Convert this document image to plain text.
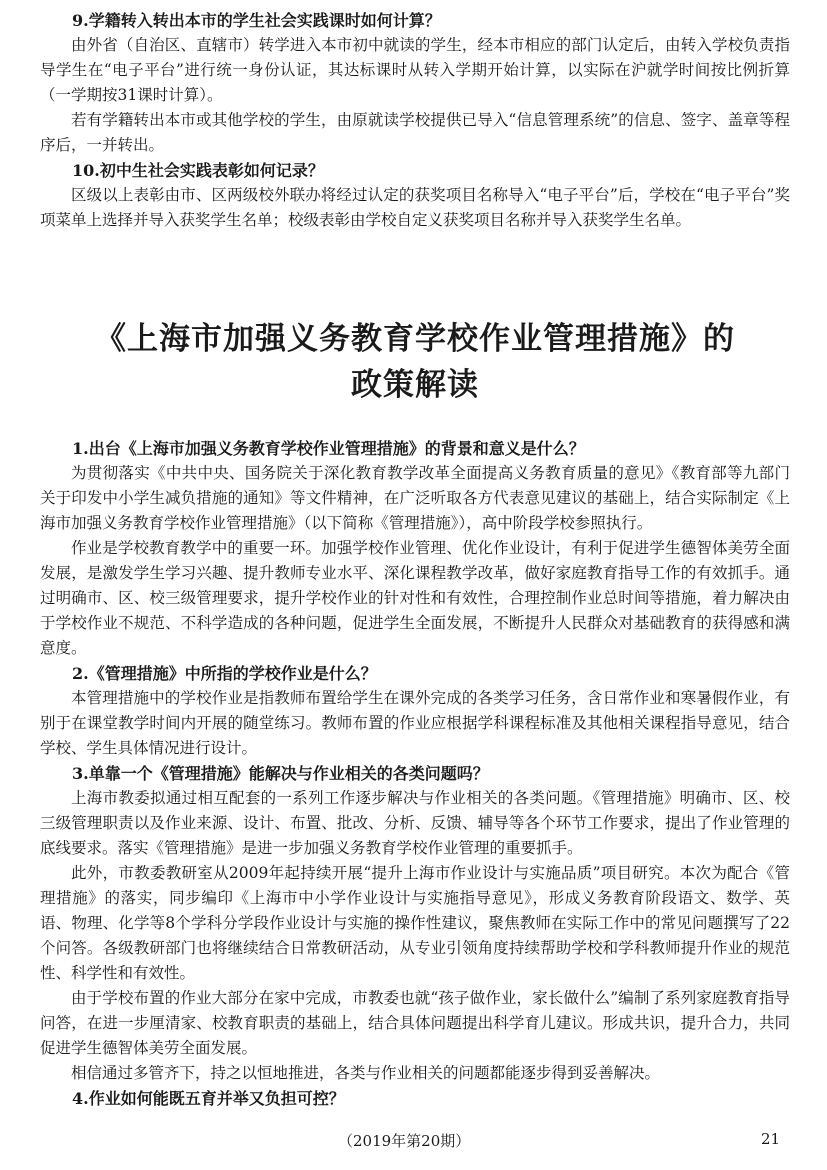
9.学籍转入转出本市的学生社会实践课时如何计算？

由外省（自治区、直辖市）转学进入本市初中就读的学生，经本市相应的部门认定后，由转入学校负责指导学生在“电子平台”进行统一身份认证，其达标课时从转入学期开始计算，以实际在沪就学时间按比例折算（一学期按31课时计算）。

若有学籍转出本市或其他学校的学生，由原就读学校提供已导入“信息管理系统”的信息、签字、盖章等程序后，一并转出。

10.初中生社会实践表彰如何记录？

区级以上表彰由市、区两级校外联办将经过认定的获奖项目名称导入“电子平台”后，学校在“电子平台”奖项菜单上选择并导入获奖学生名单；校级表彰由学校自定义获奖项目名称并导入获奖学生名单。

《上海市加强义务教育学校作业管理措施》的
政策解读
1.出台《上海市加强义务教育学校作业管理措施》的背景和意义是什么？

为贯彻落实《中共中央、国务院关于深化教育教学改革全面提高义务教育质量的意见》《教育部等九部门关于印发中小学生减负措施的通知》等文件精神，在广泛听取各方代表意见建议的基础上，结合实际制定《上海市加强义务教育学校作业管理措施》（以下简称《管理措施》），高中阶段学校参照执行。

作业是学校教育教学中的重要一环。加强学校作业管理、优化作业设计，有利于促进学生德智体美劳全面发展，是激发学生学习兴趣、提升教师专业水平、深化课程教学改革，做好家庭教育指导工作的有效抓手。通过明确市、区、校三级管理要求，提升学校作业的针对性和有效性，合理控制作业总时间等措施，着力解决由于学校作业不规范、不科学造成的各种问题，促进学生全面发展，不断提升人民群众对基础教育的获得感和满意度。

2.《管理措施》中所指的学校作业是什么？

本管理措施中的学校作业是指教师布置给学生在课外完成的各类学习任务，含日常作业和寒暑假作业，有别于在课堂教学时间内开展的随堂练习。教师布置的作业应根据学科课程标准及其他相关课程指导意见，结合学校、学生具体情况进行设计。

3.单靠一个《管理措施》能解决与作业相关的各类问题吗？

上海市教委拟通过相互配套的一系列工作逐步解决与作业相关的各类问题。《管理措施》明确市、区、校三级管理职责以及作业来源、设计、布置、批改、分析、反馈、辅导等各个环节工作要求，提出了作业管理的底线要求。落实《管理措施》是进一步加强义务教育学校作业管理的重要抓手。

此外，市教委教研室从2009年起持续开展“提升上海市作业设计与实施品质”项目研究。本次为配合《管理措施》的落实，同步编印《上海市中小学作业设计与实施指导意见》，形成义务教育阶段语文、数学、英语、物理、化学等8个学科分学段作业设计与实施的操作性建议，聚焦教师在实际工作中的常见问题撰写了22个问答。各级教研部门也将继续结合日常教研活动，从专业引领角度持续帮助学校和学科教师提升作业的规范性、科学性和有效性。

由于学校布置的作业大部分在家中完成，市教委也就“孩子做作业，家长做什么”编制了系列家庭教育指导问答，在进一步厘清家、校教育职责的基础上，结合具体问题提出科学育儿建议。形成共识，提升合力，共同促进学生德智体美劳全面发展。

相信通过多管齐下，持之以恒地推进，各类与作业相关的问题都能逐步得到妥善解决。

4.作业如何能既五育并举又负担可控？
（2019年第20期）	21
